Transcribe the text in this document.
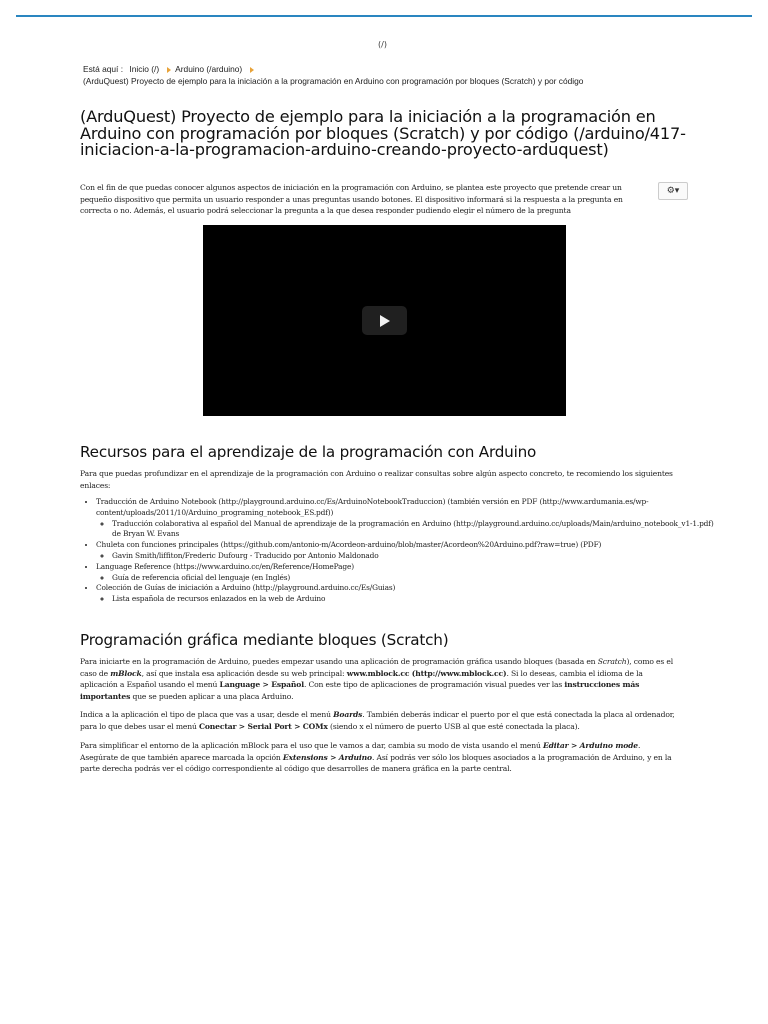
(/)
Está aquí : Inicio (/) Arduino (/arduino)
(ArduQuest) Proyecto de ejemplo para la iniciación a la programación en Arduino con programación por bloques (Scratch) y por código
(ArduQuest) Proyecto de ejemplo para la iniciación a la programación en Arduino con programación por bloques (Scratch) y por código (/arduino/417-iniciacion-a-la-programacion-arduino-creando-proyecto-arduquest)
⚙▾

Con el fin de que puedas conocer algunos aspectos de iniciación en la programación con Arduino, se plantea este proyecto que pretende crear un pequeño dispositivo que permita un usuario responder a unas preguntas usando botones. El dispositivo informará si la respuesta a la pregunta en correcta o no. Además, el usuario podrá seleccionar la pregunta a la que desea responder pudiendo elegir el número de la pregunta

Recursos para el aprendizaje de la programación con Arduino

Para que puedas profundizar en el aprendizaje de la programación con Arduino o realizar consultas sobre algún aspecto concreto, te recomiendo los siguientes enlaces:

• Traducción de Arduino Notebook (http://playground.arduino.cc/Es/ArduinoNotebookTraduccion) (también versión en PDF (http://www.ardumania.es/wp-content/uploads/2011/10/Arduino_programing_notebook_ES.pdf))
◦ Traducción colaborativa al español del Manual de aprendizaje de la programación en Arduino (http://playground.arduino.cc/uploads/Main/arduino_notebook_v1-1.pdf) de Bryan W. Evans
• Chuleta con funciones principales (https://github.com/antonio-m/Acordeon-arduino/blob/master/Acordeon%20Arduino.pdf?raw=true) (PDF)
◦ Gavin Smith/liffiton/Frederic Dufourg - Traducido por Antonio Maldonado
• Language Reference (https://www.arduino.cc/en/Reference/HomePage)
◦ Guía de referencia oficial del lenguaje (en Inglés)
• Colección de Guías de iniciación a Arduino (http://playground.arduino.cc/Es/Guias)
◦ Lista española de recursos enlazados en la web de Arduino
Programación gráfica mediante bloques (Scratch)

Para iniciarte en la programación de Arduino, puedes empezar usando una aplicación de programación gráfica usando bloques (basada en Scratch), como es el caso de mBlock, así que instala esa aplicación desde su web principal: www.mblock.cc (http://www.mblock.cc). Si lo deseas, cambia el idioma de la aplicación a Español usando el menú Language > Español. Con este tipo de aplicaciones de programación visual puedes ver las instrucciones más importantes que se pueden aplicar a una placa Arduino.

Indica a la aplicación el tipo de placa que vas a usar, desde el menú Boards. También deberás indicar el puerto por el que está conectada la placa al ordenador, para lo que debes usar el menú Conectar > Serial Port > COMx (siendo x el número de puerto USB al que esté conectada la placa).

Para simplificar el entorno de la aplicación mBlock para el uso que le vamos a dar, cambia su modo de vista usando el menú Editar > Arduino mode. Asegúrate de que también aparece marcada la opción Extensions > Arduino. Así podrás ver sólo los bloques asociados a la programación de Arduino, y en la parte derecha podrás ver el código correspondiente al código que desarrolles de manera gráfica en la parte central.
